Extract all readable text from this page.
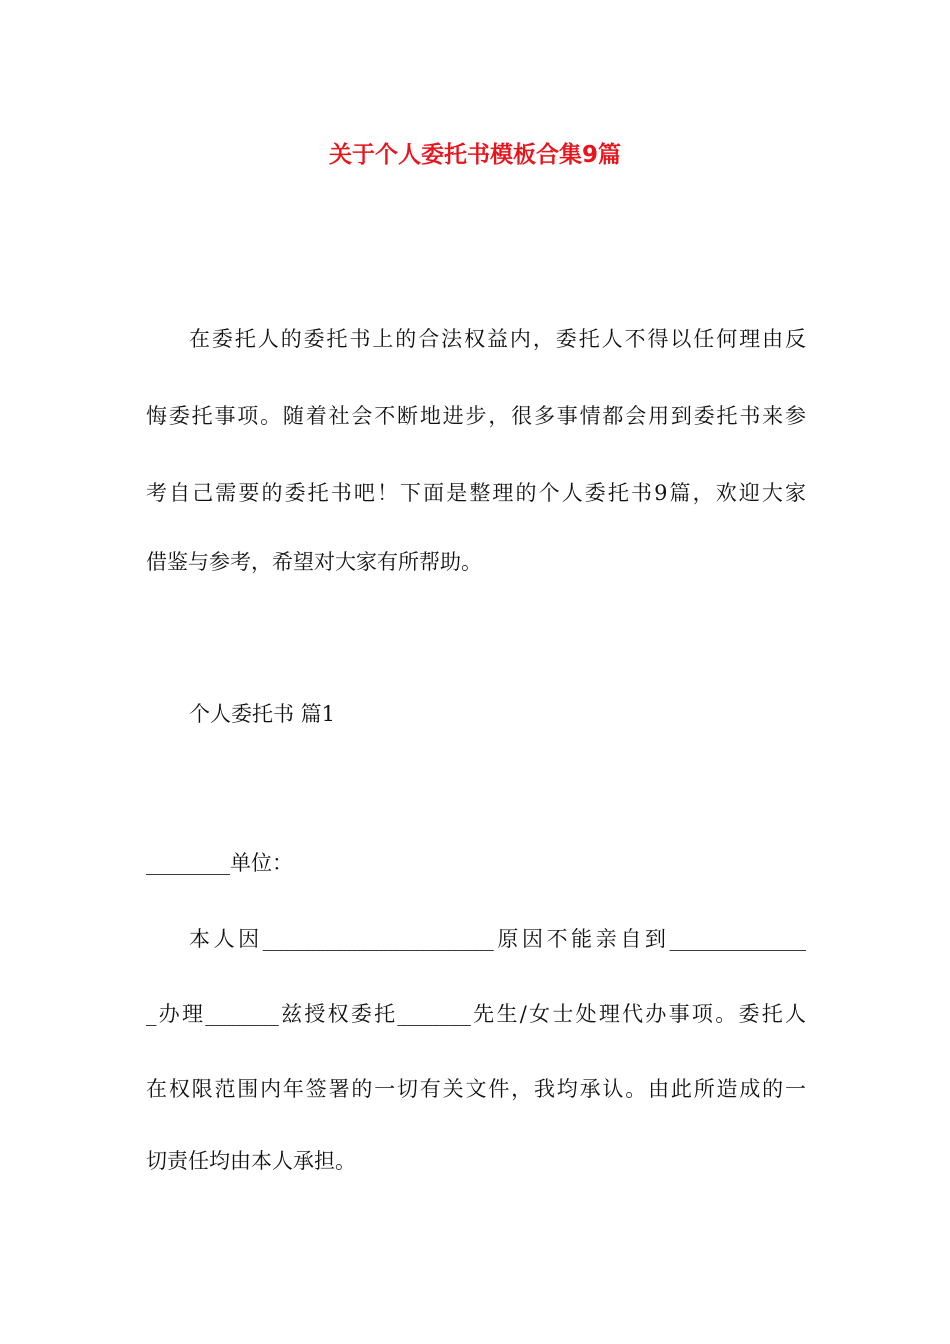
关于个人委托书模板合集9篇

在委托人的委托书上的合法权益内，委托人不得以任何理由反

悔委托事项。随着社会不断地进步，很多事情都会用到委托书来参

考自己需要的委托书吧！下面是整理的个人委托书9篇，欢迎大家

借鉴与参考，希望对大家有所帮助。

个人委托书 篇1

________单位：

本人因______________________原因不能亲自到_____________

_办理_______兹授权委托_______先生/女士处理代办事项。委托人

在权限范围内年签署的一切有关文件，我均承认。由此所造成的一

切责任均由本人承担。
